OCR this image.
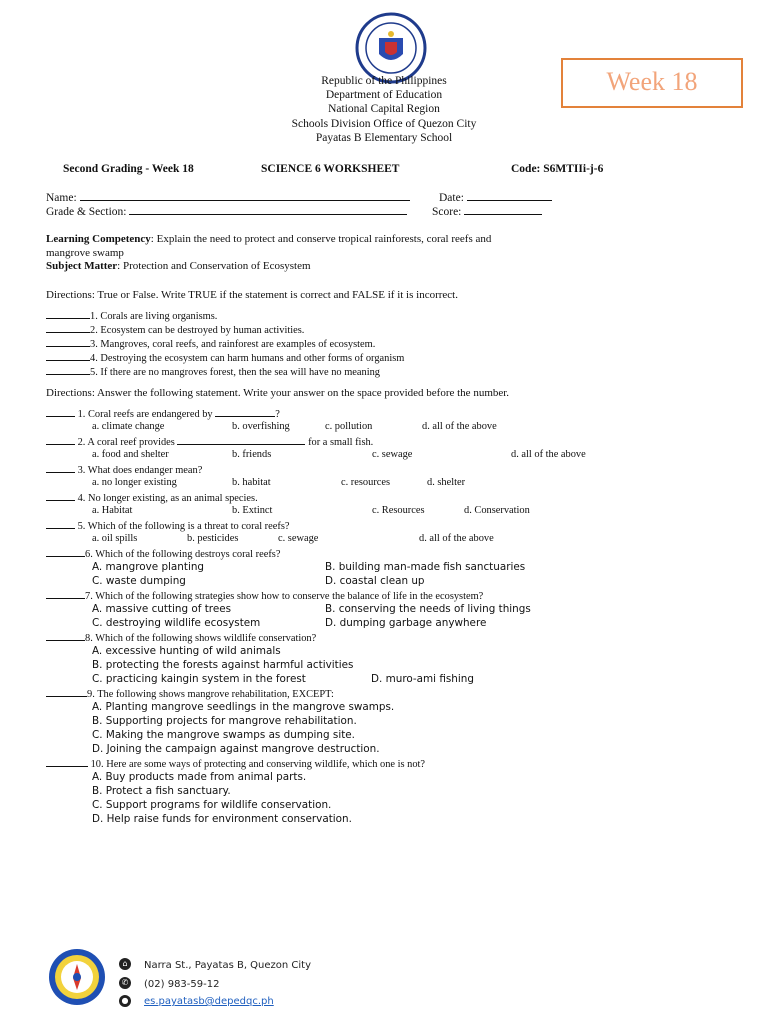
Week 18
Republic of the Philippines
Department of Education
National Capital Region
Schools Division Office of Quezon City
Payatas B Elementary School
Second Grading - Week 18	SCIENCE 6 WORKSHEET	Code: S6MTIIi-j-6
Name:	Date:
Grade & Section:	Score:
Learning Competency: Explain the need to protect and conserve tropical rainforests, coral reefs and
mangrove swamp
Subject Matter: Protection and Conservation of Ecosystem
Directions: True or False. Write TRUE if the statement is correct and FALSE if it is incorrect.
1. Corals are living organisms.
2. Ecosystem can be destroyed by human activities.
3. Mangroves, coral reefs, and rainforest are examples of ecosystem.
4. Destroying the ecosystem can harm humans and other forms of organism
5. If there are no mangroves forest, then the sea will have no meaning
Directions: Answer the following statement. Write your answer on the space provided before the number.
1. Coral reefs are endangered by	?
a. climate change	b. overfishing	c. pollution	d. all of the above
2. A coral reef provides	for a small fish.
a. food and shelter	b. friends	c. sewage	d. all of the above
3. What does endanger mean?
a. no longer existing	b. habitat	c. resources	d. shelter
4. No longer existing, as an animal species.
a. Habitat	b. Extinct	c. Resources	d. Conservation
5. Which of the following is a threat to coral reefs?
a. oil spills	b. pesticides	c. sewage	d. all of the above
6. Which of the following destroys coral reefs?
A. mangrove planting	B. building man-made fish sanctuaries
C. waste dumping	D. coastal clean up
7. Which of the following strategies show how to conserve the balance of life in the ecosystem?
A. massive cutting of trees	B. conserving the needs of living things
C. destroying wildlife ecosystem	D. dumping garbage anywhere
8. Which of the following shows wildlife conservation?
A. excessive hunting of wild animals
B. protecting the forests against harmful activities
C. practicing kaingin system in the forest	D. muro-ami fishing
9. The following shows mangrove rehabilitation, EXCEPT:
A. Planting mangrove seedlings in the mangrove swamps.
B. Supporting projects for mangrove rehabilitation.
C. Making the mangrove swamps as dumping site.
D. Joining the campaign against mangrove destruction.
10. Here are some ways of protecting and conserving wildlife, which one is not?
A. Buy products made from animal parts.
B. Protect a fish sanctuary.
C. Support programs for wildlife conservation.
D. Help raise funds for environment conservation.
⌂	Narra St., Payatas B, Quezon City
✆ (02) 983-59-12
● es.payatasb@depedqc.ph
